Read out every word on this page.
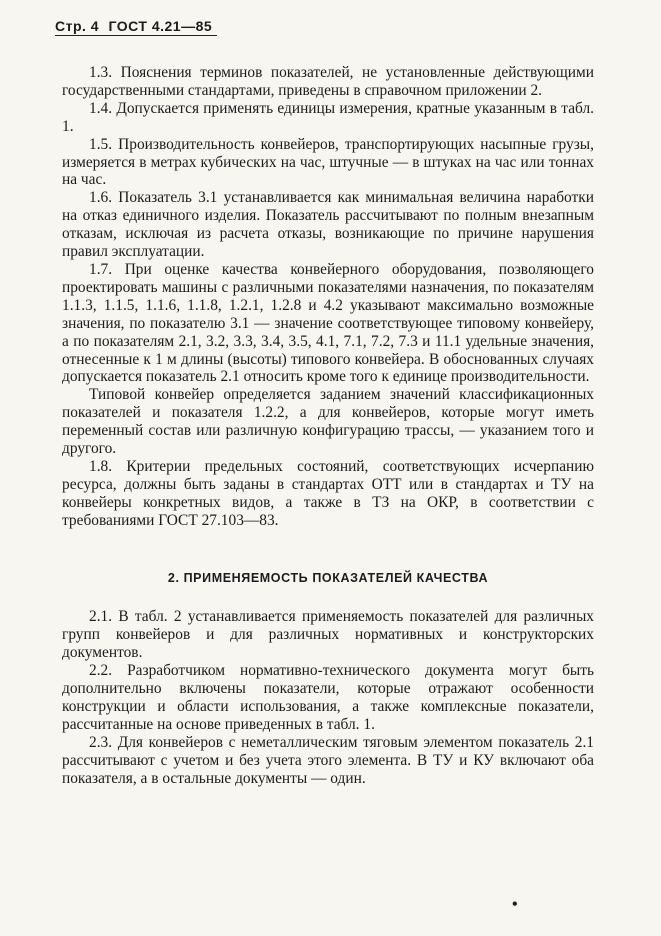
Стр. 4 ГОСТ 4.21—85

1.3. Пояснения терминов показателей, не установленные действующими государственными стандартами, приведены в справочном приложении 2.

1.4. Допускается применять единицы измерения, кратные указанным в табл. 1.

1.5. Производительность конвейеров, транспортирующих насыпные грузы, измеряется в метрах кубических на час, штучные — в штуках на час или тоннах на час.

1.6. Показатель 3.1 устанавливается как минимальная величина наработки на отказ единичного изделия. Показатель рассчитывают по полным внезапным отказам, исключая из расчета отказы, возникающие по причине нарушения правил эксплуатации.

1.7. При оценке качества конвейерного оборудования, позволяющего проектировать машины с различными показателями назначения, по показателям 1.1.3, 1.1.5, 1.1.6, 1.1.8, 1.2.1, 1.2.8 и 4.2 указывают максимально возможные значения, по показателю 3.1 — значение соответствующее типовому конвейеру, а по показателям 2.1, 3.2, 3.3, 3.4, 3.5, 4.1, 7.1, 7.2, 7.3 и 11.1 удельные значения, отнесенные к 1 м длины (высоты) типового конвейера. В обоснованных случаях допускается показатель 2.1 относить кроме того к единице производительности.

Типовой конвейер определяется заданием значений классификационных показателей и показателя 1.2.2, а для конвейеров, которые могут иметь переменный состав или различную конфигурацию трассы, — указанием того и другого.

1.8. Критерии предельных состояний, соответствующих исчерпанию ресурса, должны быть заданы в стандартах ОТТ или в стандартах и ТУ на конвейеры конкретных видов, а также в ТЗ на ОКР, в соответствии с требованиями ГОСТ 27.103—83.

2. ПРИМЕНЯЕМОСТЬ ПОКАЗАТЕЛЕЙ КАЧЕСТВА

2.1. В табл. 2 устанавливается применяемость показателей для различных групп конвейеров и для различных нормативных и конструкторских документов.

2.2. Разработчиком нормативно-технического документа могут быть дополнительно включены показатели, которые отражают особенности конструкции и области использования, а также комплексные показатели, рассчитанные на основе приведенных в табл. 1.

2.3. Для конвейеров с неметаллическим тяговым элементом показатель 2.1 рассчитывают с учетом и без учета этого элемента. В ТУ и КУ включают оба показателя, а в остальные документы — один.

•
